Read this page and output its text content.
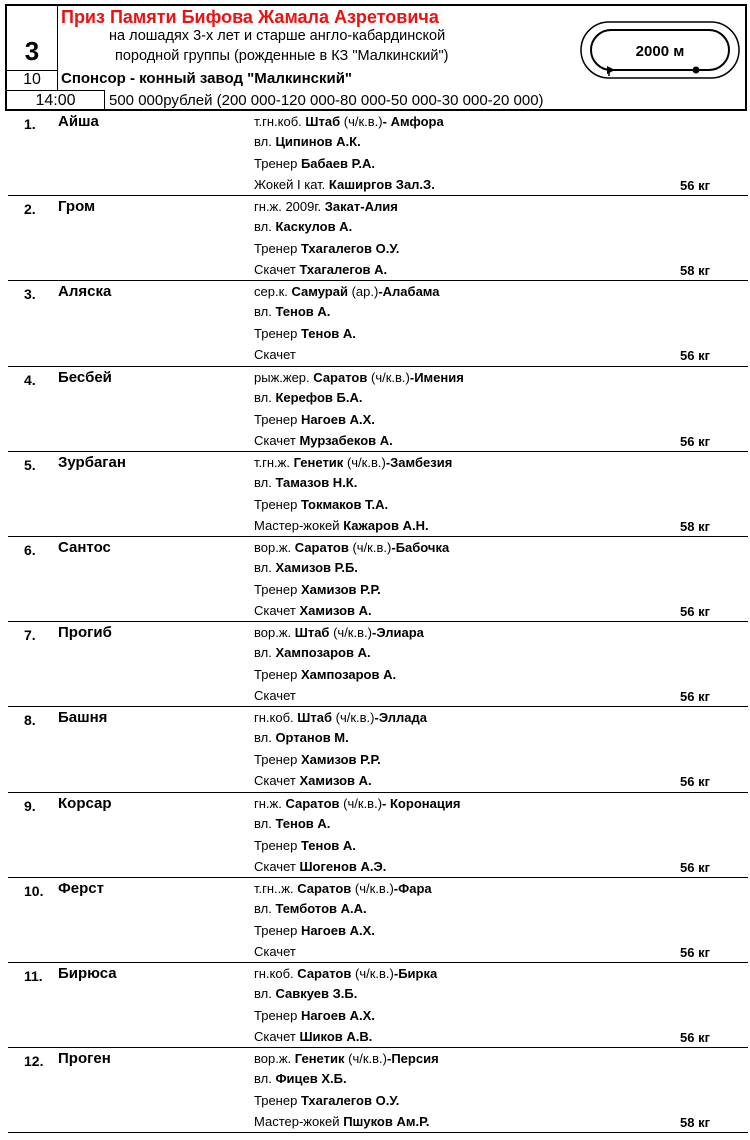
3
10
14:00
Приз Памяти Бифова Жамала Азретовича
на лошадях 3-х лет и старше англо-кабардинской
породной группы (рожденные в КЗ "Малкинский")
Спонсор - конный завод "Малкинский"
500 000рублей (200 000-120 000-80 000-50 000-30 000-20 000)
2000 м
1. Айша	т.гн.коб. Штаб (ч/к.в.)- Амфора
вл. Ципинов А.К.
Тренер Бабаев Р.А.
Жокей I кат. Каширгов Зал.З.	56 кг
2. Гром	гн.ж. 2009г. Закат-Алия
вл. Каскулов А.
Тренер Тхагалегов О.У.
Скачет Тхагалегов А.	58 кг
3. Аляска	сер.к. Самурай (ар.)-Алабама
вл. Тенов А.
Тренер Тенов А.
Скачет	56 кг
4. Бесбей	рыж.жер. Саратов (ч/к.в.)-Имения
вл. Керефов Б.А.
Тренер Нагоев А.Х.
Скачет Мурзабеков А.	56 кг
5. Зурбаган	т.гн.ж. Генетик (ч/к.в.)-Замбезия
вл. Тамазов Н.К.
Тренер Токмаков Т.А.
Мастер-жокей Кажаров А.Н.	58 кг
6. Сантос	вор.ж. Саратов (ч/к.в.)-Бабочка
вл. Хамизов Р.Б.
Тренер Хамизов Р.Р.
Скачет Хамизов А.	56 кг
7. Прогиб	вор.ж. Штаб (ч/к.в.)-Элиара
вл. Хампозаров А.
Тренер Хампозаров А.
Скачет	56 кг
8. Башня	гн.коб. Штаб (ч/к.в.)-Эллада
вл. Ортанов М.
Тренер Хамизов Р.Р.
Скачет Хамизов А.	56 кг
9. Корсар	гн.ж. Саратов (ч/к.в.)- Коронация
вл. Тенов А.
Тренер Тенов А.
Скачет Шогенов А.Э.	56 кг
10. Ферст	т.гн..ж. Саратов (ч/к.в.)-Фара
вл. Темботов А.А.
Тренер Нагоев А.Х.
Скачет	56 кг
11. Бирюса	гн.коб. Саратов (ч/к.в.)-Бирка
вл. Савкуев З.Б.
Тренер Нагоев А.Х.
Скачет Шиков А.В.	56 кг
12. Проген	вор.ж. Генетик (ч/к.в.)-Персия
вл. Фицев Х.Б.
Тренер Тхагалегов О.У.
Мастер-жокей Пшуков Ам.Р.	58 кг
